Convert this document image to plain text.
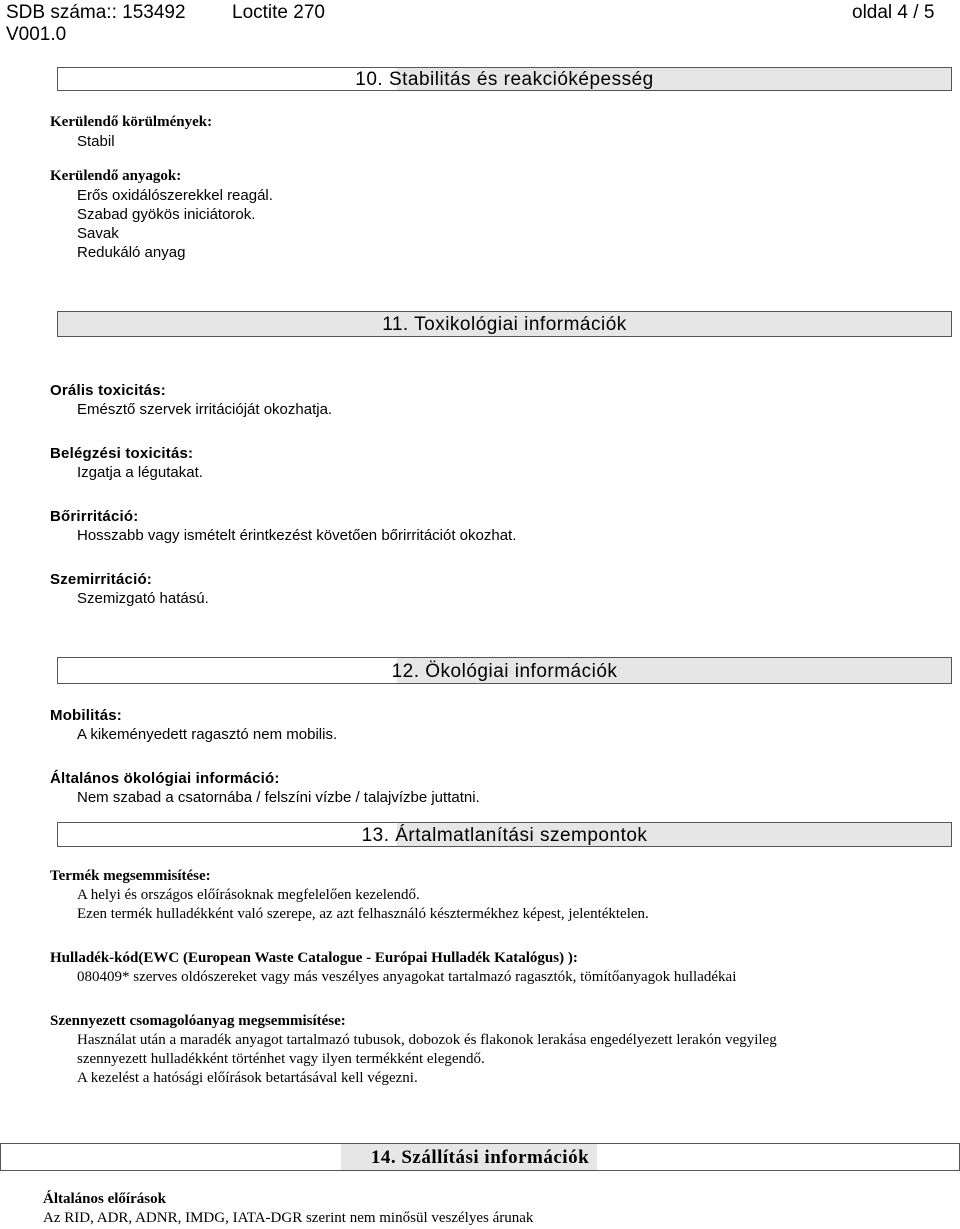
SDB száma:: 153492 Loctite 270	oldal 4 / 5
V001.0
10. Stabilitás és reakcióképesség
Kerülendő körülmények:
Stabil
Kerülendő anyagok:
Erős oxidálószerekkel reagál.
Szabad gyökös iniciátorok.
Savak
Redukáló anyag
11. Toxikológiai információk
Orális toxicitás:
Emésztő szervek irritációját okozhatja.
Belégzési toxicitás:
Izgatja a légutakat.
Bőrirritáció:
Hosszabb vagy ismételt érintkezést követően bőrirritációt okozhat.
Szemirritáció:
Szemizgató hatású.
12. Ökológiai információk
Mobilitás:
A kikeményedett ragasztó nem mobilis.
Általános ökológiai információ:
Nem szabad a csatornába / felszíni vízbe / talajvízbe juttatni.
13. Ártalmatlanítási szempontok
Termék megsemmisítése:
A helyi és országos előírásoknak megfelelően kezelendő.
Ezen termék hulladékként való szerepe, az azt felhasználó késztermékhez képest, jelentéktelen.
Hulladék-kód(EWC (European Waste Catalogue - Európai Hulladék Katalógus) ):
080409* szerves oldószereket vagy más veszélyes anyagokat tartalmazó ragasztók, tömítőanyagok hulladékai
Szennyezett csomagolóanyag megsemmisítése:
Használat után a maradék anyagot tartalmazó tubusok, dobozok és flakonok lerakása engedélyezett lerakón vegyileg
szennyezett hulladékként történhet vagy ilyen termékként elegendő.
A kezelést a hatósági előírások betartásával kell végezni.
14. Szállítási információk
Általános előírások
Az RID, ADR, ADNR, IMDG, IATA-DGR szerint nem minősül veszélyes árunak
